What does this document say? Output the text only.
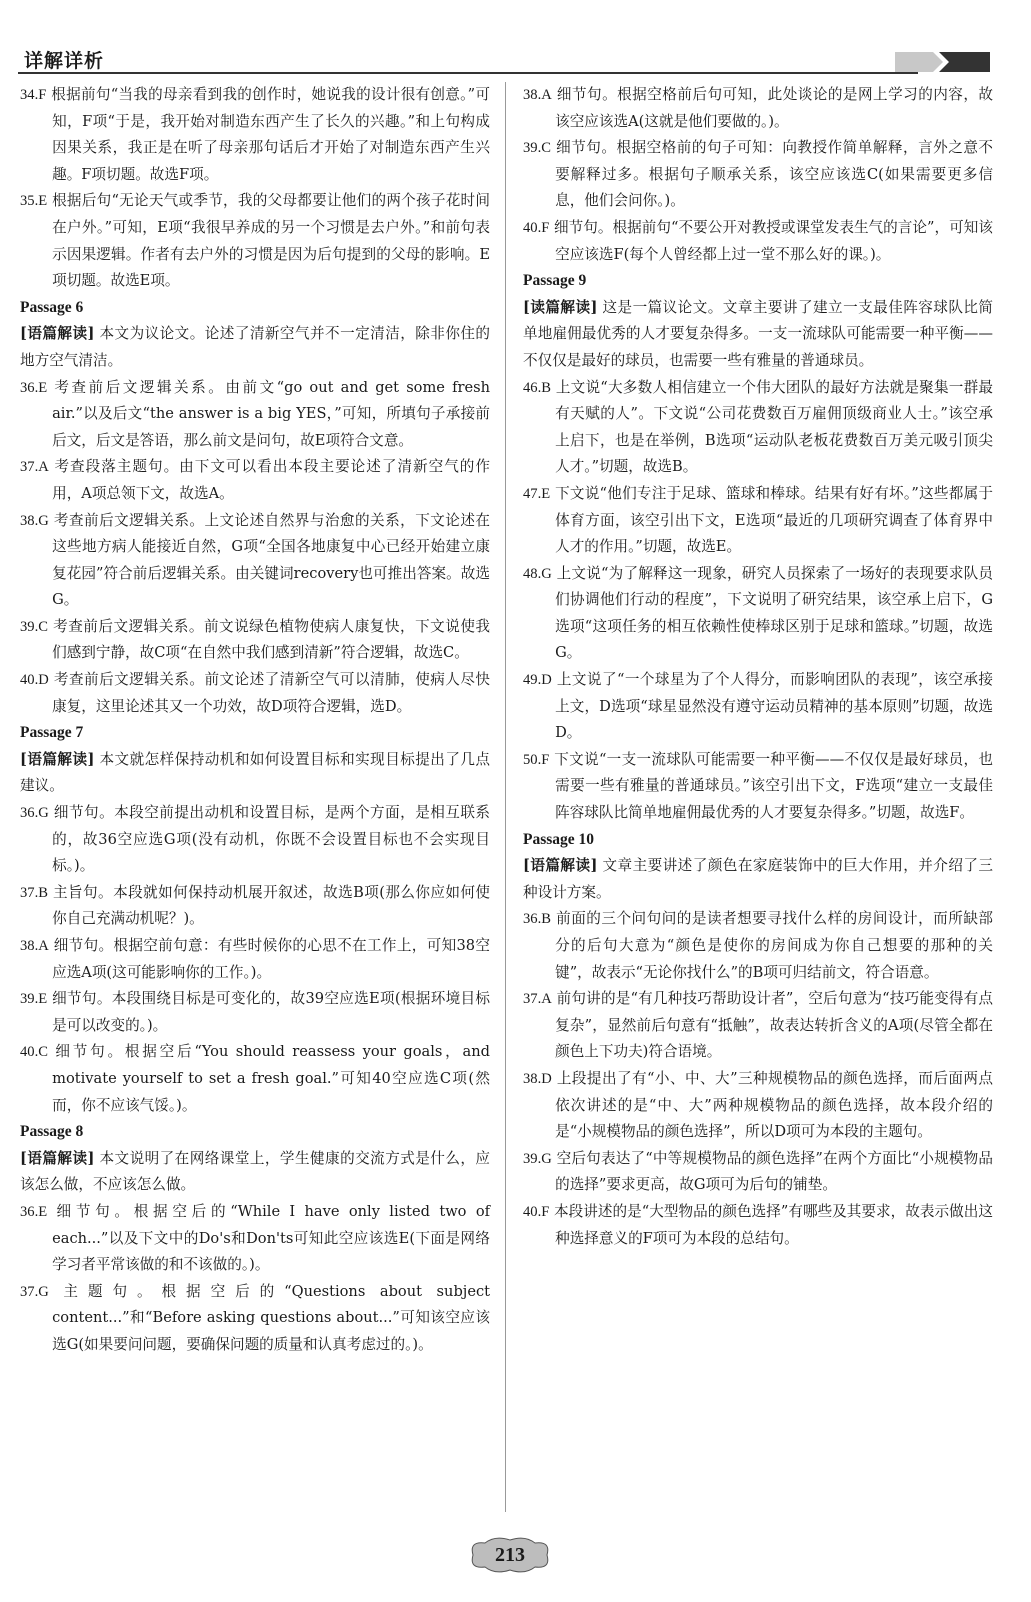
详解详析

34.F 根据前句“当我的母亲看到我的创作时，她说我的设计很有创意。”可知，F项“于是，我开始对制造东西产生了长久的兴趣。”和上句构成因果关系，我正是在听了母亲那句话后才开始了对制造东西产生兴趣。F项切题。故选F项。

35.E 根据后句“无论天气或季节，我的父母都要让他们的两个孩子花时间在户外。”可知，E项“我很早养成的另一个习惯是去户外。”和前句表示因果逻辑。作者有去户外的习惯是因为后句提到的父母的影响。E项切题。故选E项。

Passage 6

[语篇解读] 本文为议论文。论述了清新空气并不一定清洁，除非你住的地方空气清洁。

36.E 考查前后文逻辑关系。由前文“go out and get some fresh air.”以及后文“the answer is a big YES，”可知，所填句子承接前后文，后文是答语，那么前文是问句，故E项符合文意。

37.A 考查段落主题句。由下文可以看出本段主要论述了清新空气的作用，A项总领下文，故选A。

38.G 考查前后文逻辑关系。上文论述自然界与治愈的关系，下文论述在这些地方病人能接近自然，G项“全国各地康复中心已经开始建立康复花园”符合前后逻辑关系。由关键词recovery也可推出答案。故选G。

39.C 考查前后文逻辑关系。前文说绿色植物使病人康复快，下文说使我们感到宁静，故C项“在自然中我们感到清新”符合逻辑，故选C。

40.D 考查前后文逻辑关系。前文论述了清新空气可以清肺，使病人尽快康复，这里论述其又一个功效，故D项符合逻辑，选D。

Passage 7

[语篇解读] 本文就怎样保持动机和如何设置目标和实现目标提出了几点建议。

36.G 细节句。本段空前提出动机和设置目标，是两个方面，是相互联系的，故36空应选G项(没有动机，你既不会设置目标也不会实现目标。)。

37.B 主旨句。本段就如何保持动机展开叙述，故选B项(那么你应如何使你自己充满动机呢？)。

38.A 细节句。根据空前句意：有些时候你的心思不在工作上，可知38空应选A项(这可能影响你的工作。)。

39.E 细节句。本段围绕目标是可变化的，故39空应选E项(根据环境目标是可以改变的。)。

40.C 细节句。根据空后“You should reassess your goals，and motivate yourself to set a fresh goal.”可知40空应选C项(然而，你不应该气馁。)。

Passage 8

[语篇解读] 本文说明了在网络课堂上，学生健康的交流方式是什么，应该怎么做，不应该怎么做。

36.E 细节句。根据空后的“While I have only listed two of each...”以及下文中的Do's和Don'ts可知此空应该选E(下面是网络学习者平常该做的和不该做的。)。

37.G 主题句。根据空后的“Questions about subject content...”和“Before asking questions about...”可知该空应该选G(如果要问问题，要确保问题的质量和认真考虑过的。)。

38.A 细节句。根据空格前后句可知，此处谈论的是网上学习的内容，故该空应该选A(这就是他们要做的。)。

39.C 细节句。根据空格前的句子可知：向教授作简单解释，言外之意不要解释过多。根据句子顺承关系，该空应该选C(如果需要更多信息，他们会问你。)。

40.F 细节句。根据前句“不要公开对教授或课堂发表生气的言论”，可知该空应该选F(每个人曾经都上过一堂不那么好的课。)。

Passage 9

[读篇解读] 这是一篇议论文。文章主要讲了建立一支最佳阵容球队比简单地雇佣最优秀的人才要复杂得多。一支一流球队可能需要一种平衡——不仅仅是最好的球员，也需要一些有雅量的普通球员。

46.B 上文说“大多数人相信建立一个伟大团队的最好方法就是聚集一群最有天赋的人”。下文说“公司花费数百万雇佣顶级商业人士。”该空承上启下，也是在举例，B选项“运动队老板花费数百万美元吸引顶尖人才。”切题，故选B。

47.E 下文说“他们专注于足球、篮球和棒球。结果有好有坏。”这些都属于体育方面，该空引出下文，E选项“最近的几项研究调查了体育界中人才的作用。”切题，故选E。

48.G 上文说“为了解释这一现象，研究人员探索了一场好的表现要求队员们协调他们行动的程度”，下文说明了研究结果，该空承上启下，G选项“这项任务的相互依赖性使棒球区别于足球和篮球。”切题，故选G。

49.D 上文说了“一个球星为了个人得分，而影响团队的表现”，该空承接上文，D选项“球星显然没有遵守运动员精神的基本原则”切题，故选D。

50.F 下文说“一支一流球队可能需要一种平衡——不仅仅是最好球员，也需要一些有雅量的普通球员。”该空引出下文，F选项“建立一支最佳阵容球队比简单地雇佣最优秀的人才要复杂得多。”切题，故选F。

Passage 10

[语篇解读] 文章主要讲述了颜色在家庭装饰中的巨大作用，并介绍了三种设计方案。

36.B 前面的三个问句问的是读者想要寻找什么样的房间设计，而所缺部分的后句大意为“颜色是使你的房间成为你自己想要的那种的关键”，故表示“无论你找什么”的B项可归结前文，符合语意。

37.A 前句讲的是“有几种技巧帮助设计者”，空后句意为“技巧能变得有点复杂”，显然前后句意有“抵触”，故表达转折含义的A项(尽管全都在颜色上下功夫)符合语境。

38.D 上段提出了有“小、中、大”三种规模物品的颜色选择，而后面两点依次讲述的是“中、大”两种规模物品的颜色选择，故本段介绍的是“小规模物品的颜色选择”，所以D项可为本段的主题句。

39.G 空后句表达了“中等规模物品的颜色选择”在两个方面比“小规模物品的选择”要求更高，故G项可为后句的铺垫。

40.F 本段讲述的是“大型物品的颜色选择”有哪些及其要求，故表示做出这种选择意义的F项可为本段的总结句。

213
